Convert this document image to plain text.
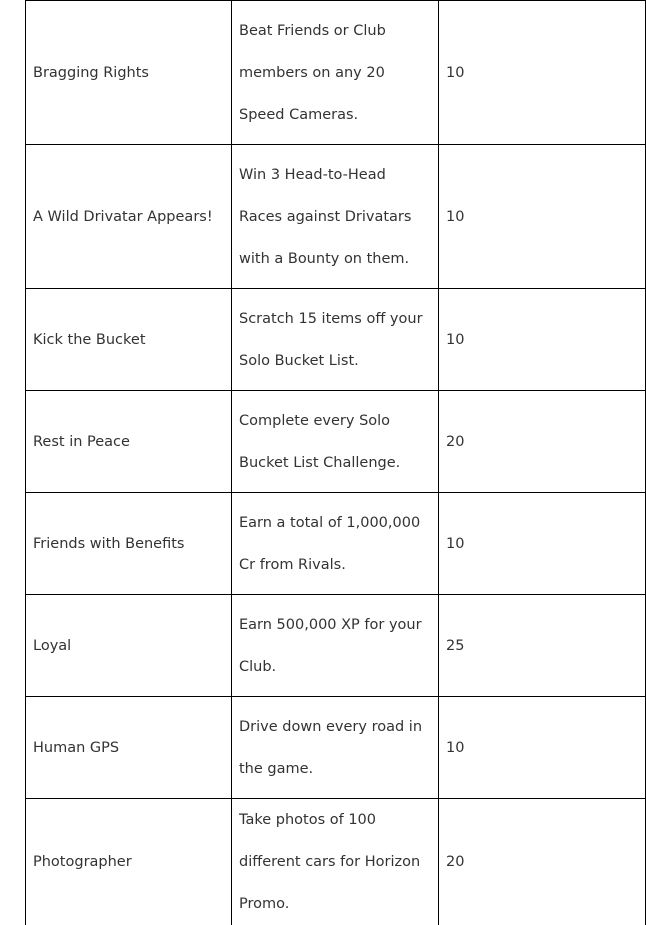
Bragging Rights	Beat Friends or Club members on any 20 Speed Cameras.	10
A Wild Drivatar Appears!	Win 3 Head-to-Head Races against Drivatars with a Bounty on them.	10
Kick the Bucket	Scratch 15 items off your Solo Bucket List.	10
Rest in Peace	Complete every Solo Bucket List Challenge.	20
Friends with Benefits	Earn a total of 1,000,000 Cr from Rivals.	10
Loyal	Earn 500,000 XP for your Club.	25
Human GPS	Drive down every road in the game.	10
Photographer	Take photos of 100 different cars for Horizon Promo.	20
